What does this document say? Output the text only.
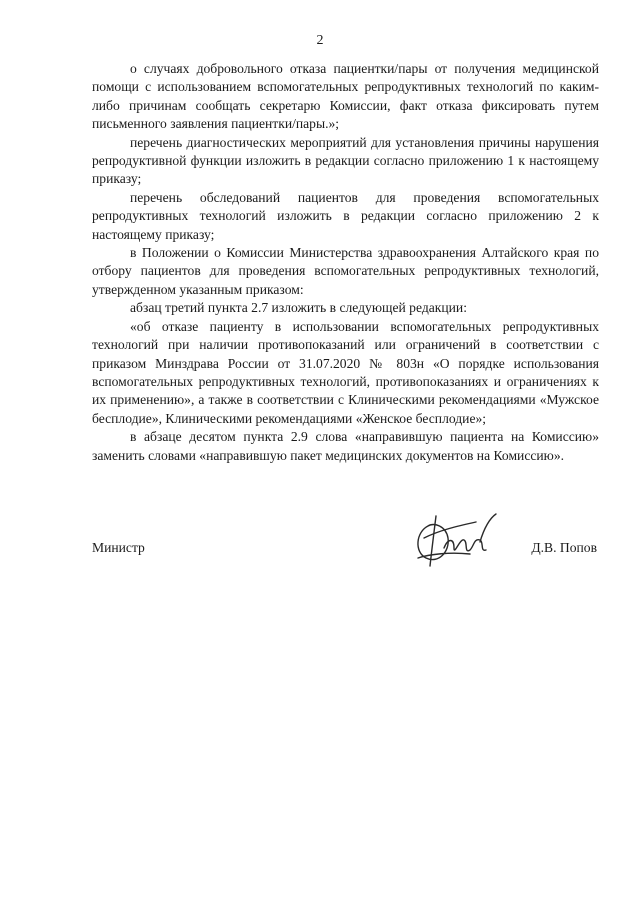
2

о случаях добровольного отказа пациентки/пары от получения медицинской помощи с использованием вспомогательных репродуктивных технологий по каким-либо причинам сообщать секретарю Комиссии, факт отказа фиксировать путем письменного заявления пациентки/пары.»;

перечень диагностических мероприятий для установления причины нарушения репродуктивной функции изложить в редакции согласно приложению 1 к настоящему приказу;

перечень обследований пациентов для проведения вспомогательных репродуктивных технологий изложить в редакции согласно приложению 2 к настоящему приказу;

в Положении о Комиссии Министерства здравоохранения Алтайского края по отбору пациентов для проведения вспомогательных репродуктивных технологий, утвержденном указанным приказом:

абзац третий пункта 2.7 изложить в следующей редакции:

«об отказе пациенту в использовании вспомогательных репродуктивных технологий при наличии противопоказаний или ограничений в соответствии с приказом Минздрава России от 31.07.2020 № 803н «О порядке использования вспомогательных репродуктивных технологий, противопоказаниях и ограничениях к их применению», а также в соответствии с Клиническими рекомендациями «Мужское бесплодие», Клиническими рекомендациями «Женское бесплодие»;

в абзаце десятом пункта 2.9 слова «направившую пациента на Комиссию» заменить словами «направившую пакет медицинских документов на Комиссию».

Министр	Д.В. Попов
